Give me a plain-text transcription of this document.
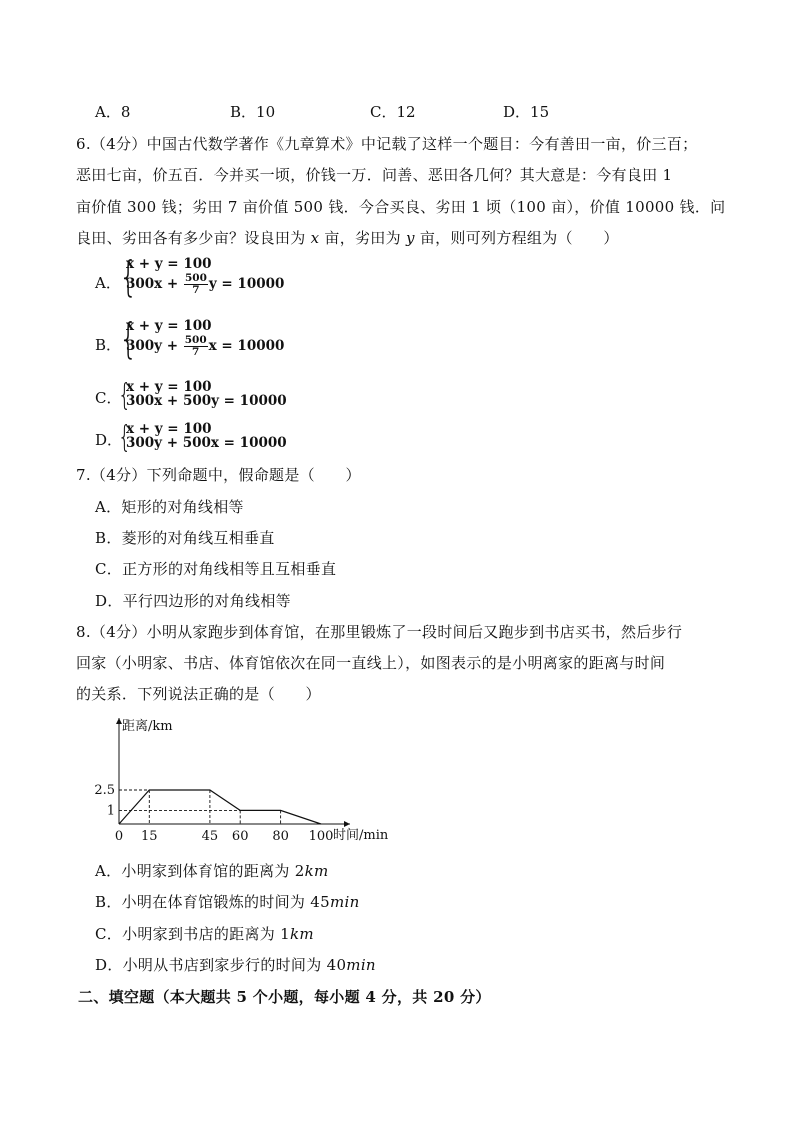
A．8	B．10	C．12	D．15
6.（4分）中国古代数学著作《九章算术》中记载了这样一个题目：今有善田一亩，价三百；
恶田七亩，价五百．今并买一顷，价钱一万．问善、恶田各几何？其大意是：今有良田 1
亩价值 300 钱；劣田 7 亩价值 500 钱．今合买良、劣田 1 顷（100 亩），价值 10000 钱．问
良田、劣田各有多少亩？设良田为 x 亩，劣田为 y 亩，则可列方程组为（　　）
A．
{
x + y = 100
$300x + \frac{500}{7}$ y = 10000
B．
{
x + y = 100
$300y + \frac{500}{7}$ x = 10000
C．
{
x + y = 100
300x + 500y = 10000
D．
{
x + y = 100
300y + 500x = 10000
7.（4分）下列命题中，假命题是（　　）
A．矩形的对角线相等
B．菱形的对角线互相垂直
C．正方形的对角线相等且互相垂直
D．平行四边形的对角线相等
8.（4分）小明从家跑步到体育馆，在那里锻炼了一段时间后又跑步到书店买书，然后步行
回家（小明家、书店、体育馆依次在同一直线上），如图表示的是小明离家的距离与时间
的关系．下列说法正确的是（　　）
距离/km
时间/min
2.5
1
0 15	45 60 80 100
A．小明家到体育馆的距离为 2km
B．小明在体育馆锻炼的时间为 45min
C．小明家到书店的距离为 1km
D．小明从书店到家步行的时间为 40min
二、填空题（本大题共 5 个小题，每小题 4 分，共 20 分）
